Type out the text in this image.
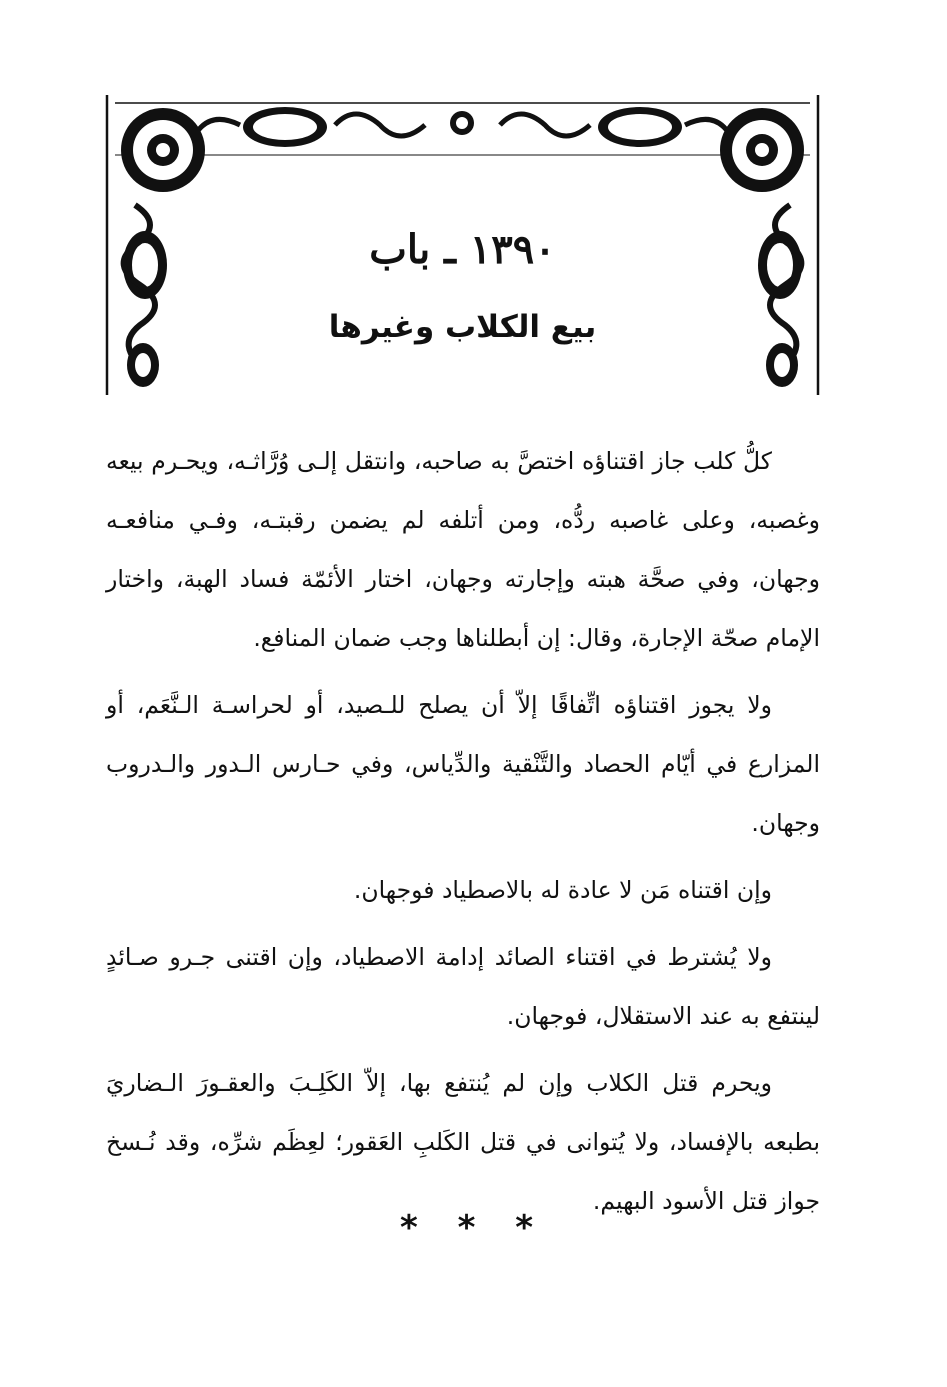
١٣٩٠ ـ باب
بيع الكلاب وغيرها

كلُّ كلب جاز اقتناؤه اختصَّ به صاحبه، وانتقل إلـى وُرَّاثـه، ويحـرم بيعه وغصبه، وعلى غاصبه ردُّه، ومن أتلفه لم يضمن رقبتـه، وفـي منافعـه وجهان، وفي صحَّة هبته وإجارته وجهان، اختار الأئمّة فساد الهبة، واختار الإمام صحّة الإجارة، وقال: إن أبطلناها وجب ضمان المنافع.

ولا يجوز اقتناؤه اتِّفاقًا إلاّ أن يصلح للـصيد، أو لحراسـة الـنَّعَم، أو المزارع في أيّام الحصاد والتَّنْقية والدِّياس، وفي حـارس الـدور والـدروب وجهان.

وإن اقتناه مَن لا عادة له بالاصطياد فوجهان.

ولا يُشترط في اقتناء الصائد إدامة الاصطياد، وإن اقتنى جـرو صـائدٍ لينتفع به عند الاستقلال، فوجهان.

ويحرم قتل الكلاب وإن لم يُنتفع بها، إلاّ الكَلِـبَ والعقـورَ الـضاريَ بطبعه بالإفساد، ولا يُتوانى في قتل الكَلبِ العَقور؛ لعِظَم شرِّه، وقد نُـسخ جواز قتل الأسود البهيم.

* * *
